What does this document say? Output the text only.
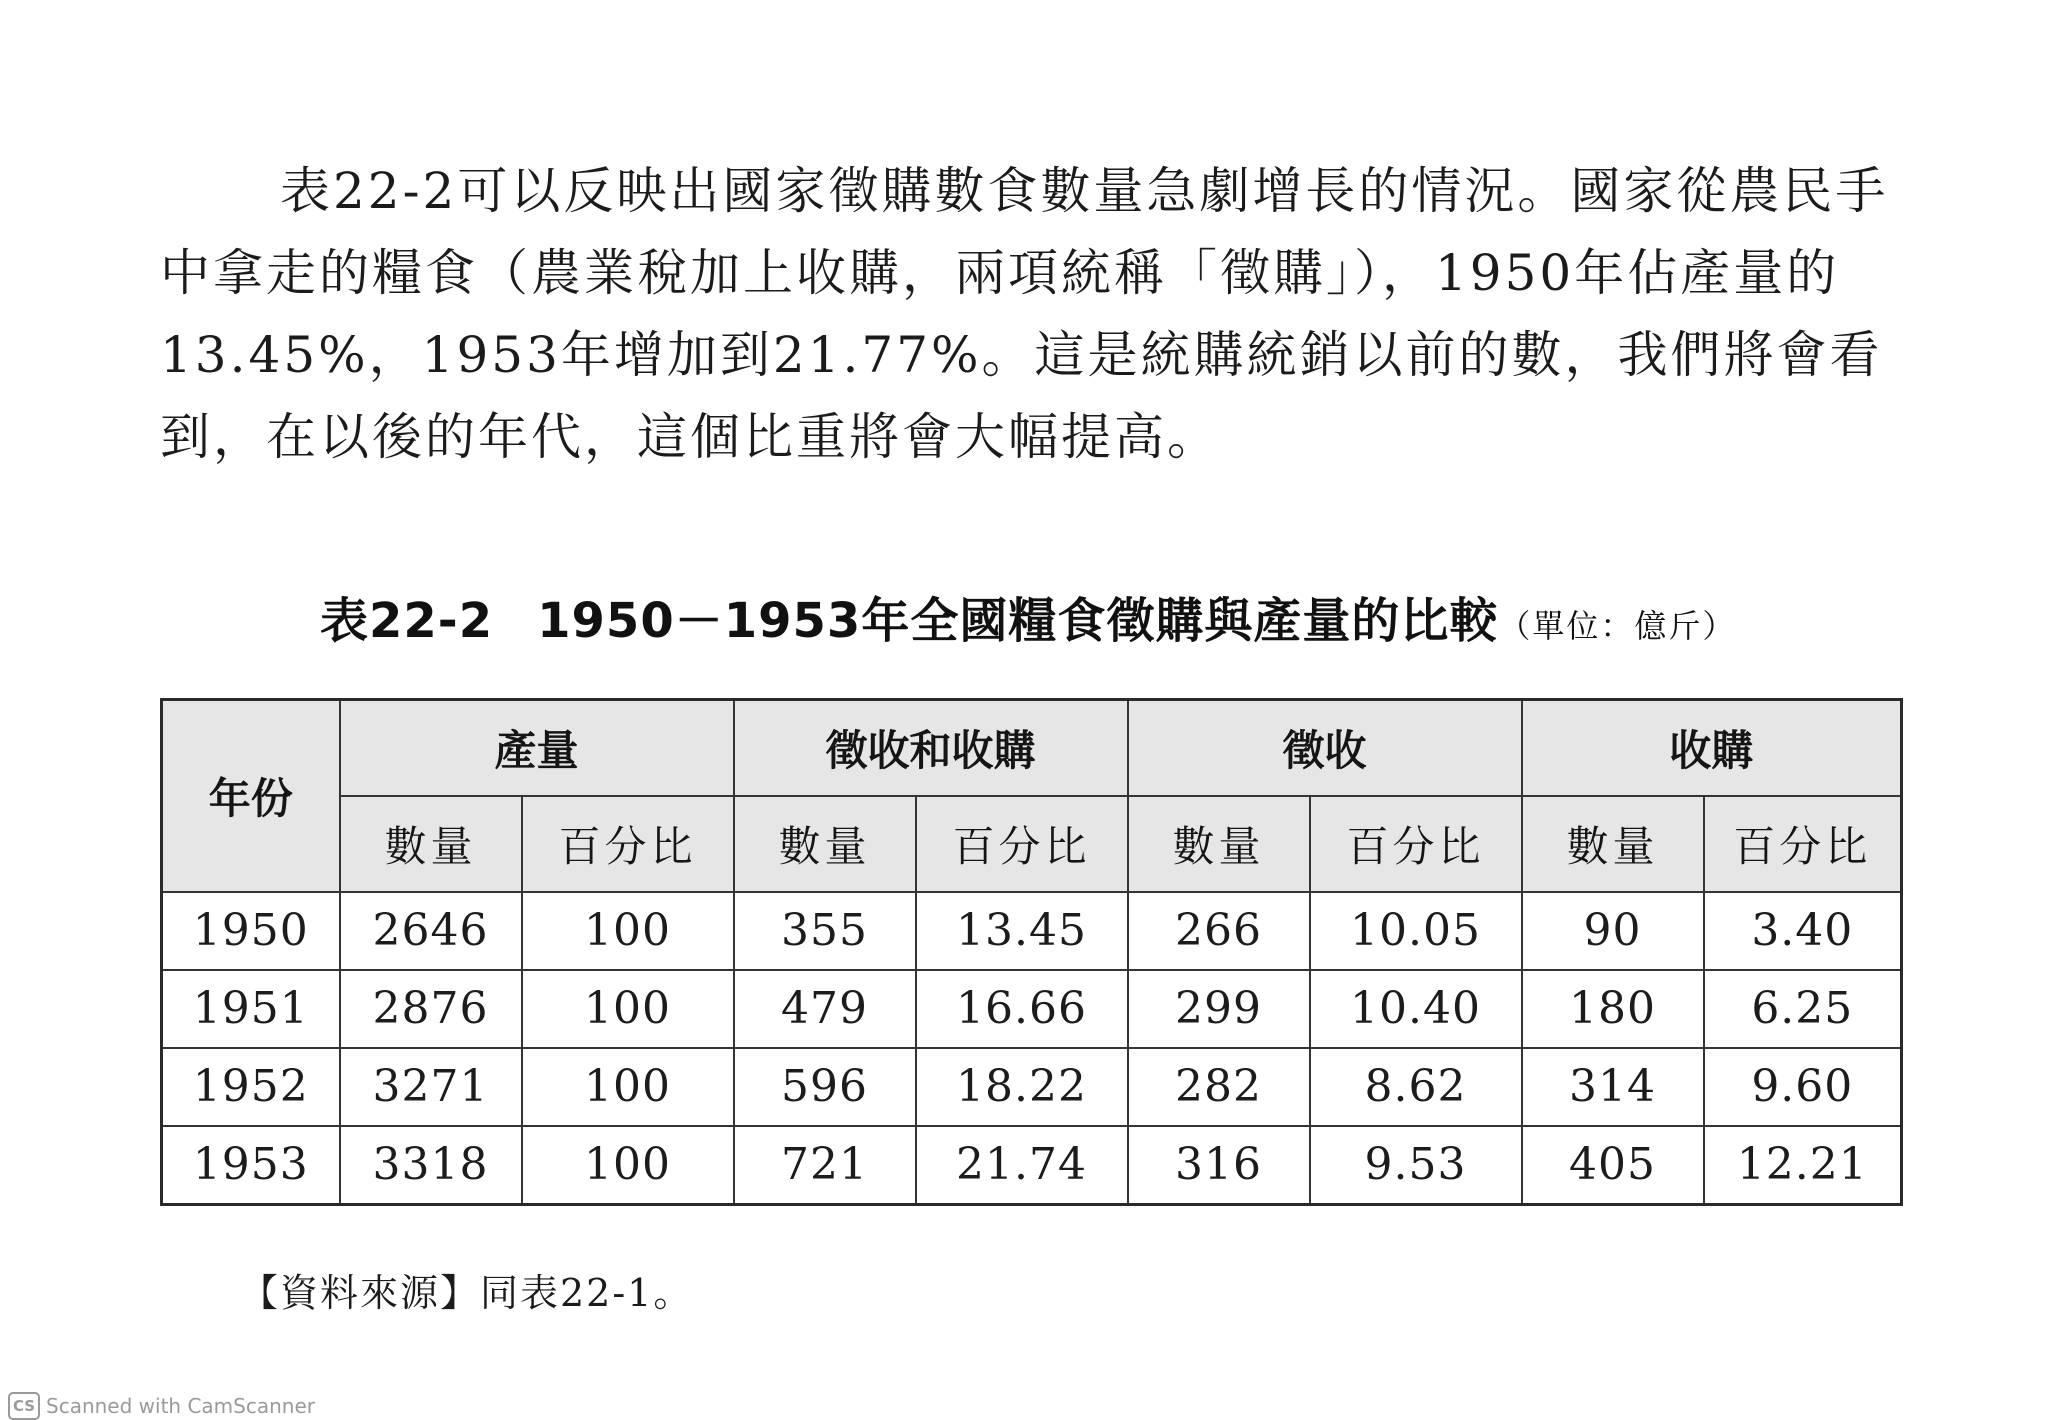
表22-2可以反映出國家徵購數食數量急劇增長的情況。國家從農民手中拿走的糧食（農業稅加上收購，兩項統稱「徵購」），1950年佔產量的13.45%，1953年增加到21.77%。這是統購統銷以前的數，我們將會看到，在以後的年代，這個比重將會大幅提高。

表22-2 1950－1953年全國糧食徵購與產量的比較（單位：億斤）
年份	產量		徵收和收購		徵收		收購	
	數量	百分比	數量	百分比	數量	百分比	數量	百分比
1950	2646	100	355	13.45	266	10.05	90	3.40
1951	2876	100	479	16.66	299	10.40	180	6.25
1952	3271	100	596	18.22	282	8.62	314	9.60
1953	3318	100	721	21.74	316	9.53	405	12.21
【資料來源】同表22-1。
CS Scanned with CamScanner
